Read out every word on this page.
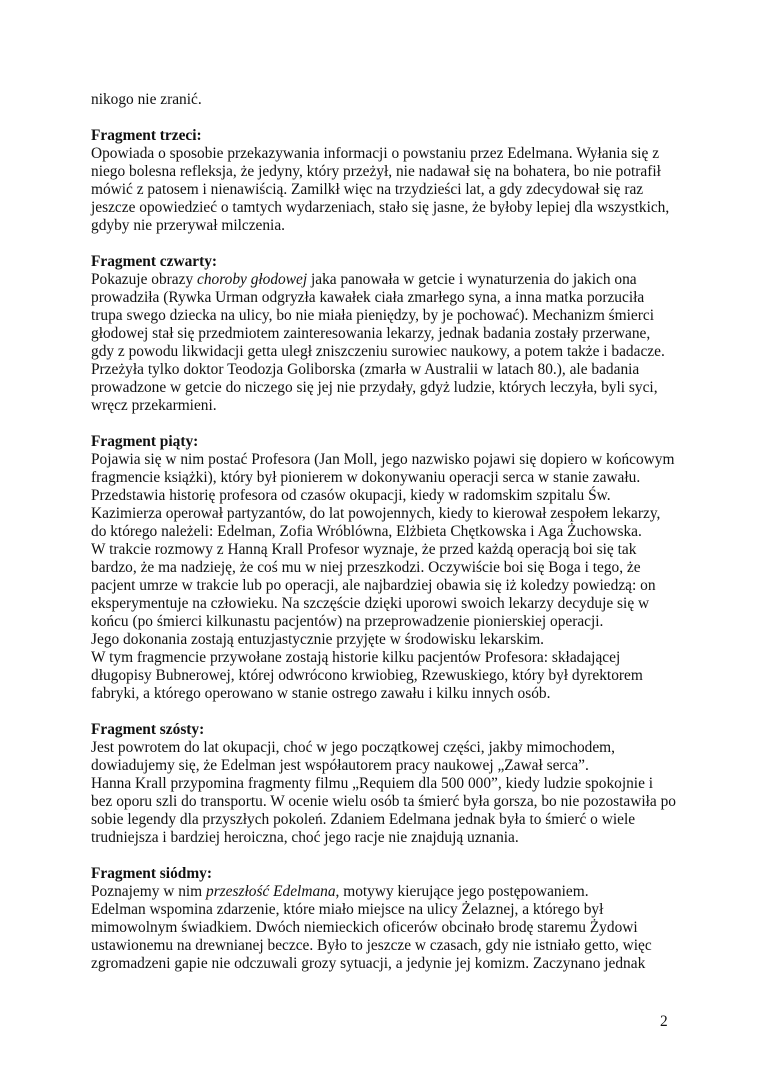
nikogo nie zranić.

Fragment trzeci:

Opowiada o sposobie przekazywania informacji o powstaniu przez Edelmana. Wyłania się z niego bolesna refleksja, że jedyny, który przeżył, nie nadawał się na bohatera, bo nie potrafił mówić z patosem i nienawiścią. Zamilkł więc na trzydzieści lat, a gdy zdecydował się raz jeszcze opowiedzieć o tamtych wydarzeniach, stało się jasne, że byłoby lepiej dla wszystkich, gdyby nie przerywał milczenia.

Fragment czwarty:

Pokazuje obrazy choroby głodowej jaka panowała w getcie i wynaturzenia do jakich ona prowadziła (Rywka Urman odgryzła kawałek ciała zmarłego syna, a inna matka porzuciła trupa swego dziecka na ulicy, bo nie miała pieniędzy, by je pochować). Mechanizm śmierci głodowej stał się przedmiotem zainteresowania lekarzy, jednak badania zostały przerwane, gdy z powodu likwidacji getta uległ zniszczeniu surowiec naukowy, a potem także i badacze. Przeżyła tylko doktor Teodozja Goliborska (zmarła w Australii w latach 80.), ale badania prowadzone w getcie do niczego się jej nie przydały, gdyż ludzie, których leczyła, byli syci, wręcz przekarmieni.

Fragment piąty:

Pojawia się w nim postać Profesora (Jan Moll, jego nazwisko pojawi się dopiero w końcowym fragmencie książki), który był pionierem w dokonywaniu operacji serca w stanie zawału. Przedstawia historię profesora od czasów okupacji, kiedy w radomskim szpitalu Św. Kazimierza operował partyzantów, do lat powojennych, kiedy to kierował zespołem lekarzy, do którego należeli: Edelman, Zofia Wróblówna, Elżbieta Chętkowska i Aga Żuchowska.

W trakcie rozmowy z Hanną Krall Profesor wyznaje, że przed każdą operacją boi się tak bardzo, że ma nadzieję, że coś mu w niej przeszkodzi. Oczywiście boi się Boga i tego, że pacjent umrze w trakcie lub po operacji, ale najbardziej obawia się iż koledzy powiedzą: on eksperymentuje na człowieku. Na szczęście dzięki uporowi swoich lekarzy decyduje się w końcu (po śmierci kilkunastu pacjentów) na przeprowadzenie pionierskiej operacji.

Jego dokonania zostają entuzjastycznie przyjęte w środowisku lekarskim.

W tym fragmencie przywołane zostają historie kilku pacjentów Profesora: składającej długopisy Bubnerowej, której odwrócono krwiobieg, Rzewuskiego, który był dyrektorem fabryki, a którego operowano w stanie ostrego zawału i kilku innych osób.

Fragment szósty:

Jest powrotem do lat okupacji, choć w jego początkowej części, jakby mimochodem, dowiadujemy się, że Edelman jest współautorem pracy naukowej „Zawał serca”.

Hanna Krall przypomina fragmenty filmu „Requiem dla 500 000”, kiedy ludzie spokojnie i bez oporu szli do transportu. W ocenie wielu osób ta śmierć była gorsza, bo nie pozostawiła po sobie legendy dla przyszłych pokoleń. Zdaniem Edelmana jednak była to śmierć o wiele trudniejsza i bardziej heroiczna, choć jego racje nie znajdują uznania.

Fragment siódmy:

Poznajemy w nim przeszłość Edelmana, motywy kierujące jego postępowaniem.

Edelman wspomina zdarzenie, które miało miejsce na ulicy Żelaznej, a którego był mimowolnym świadkiem. Dwóch niemieckich oficerów obcinało brodę staremu Żydowi ustawionemu na drewnianej beczce. Było to jeszcze w czasach, gdy nie istniało getto, więc zgromadzeni gapie nie odczuwali grozy sytuacji, a jedynie jej komizm. Zaczynano jednak

2
